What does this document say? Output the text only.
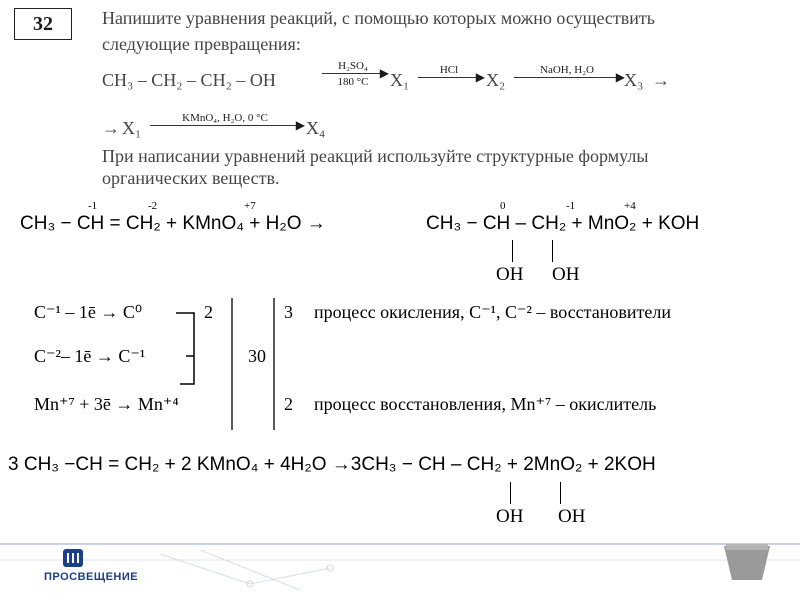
32	Напишите уравнения реакций, с помощью которых можно осуществить
следующие превращения:
CH₃ – CH₂ – CH₂ – OH
H₂SO₄ ▶
180 °C	X₁	HCl	▶ X₂	NaOH, H₂O	▶ X₃ →
→ X₁	KMnO₄, H₂O, 0 °C	▶ X₄
При написании уравнений реакций используйте структурные формулы
органических веществ.
-1	-2	+7	0	-1	+4
CH₃ − CH = CH₂ + KMnO₄ + H₂O →	CH₃ − CH – CH₂ + MnO₂ + KOH
OH OH
C⁻¹ – 1ē → C⁰	2	3 процесс окисления, C⁻¹, C⁻² – восстановители
C⁻²– 1ē → C⁻¹	30
Mn⁺⁷ + 3ē → Mn⁺⁴	2 процесс восстановления, Mn⁺⁷ – окислитель
3 CH₃ −CH = CH₂ + 2 KMnO₄ + 4H₂O →3CH₃ − CH – CH₂ + 2MnO₂ + 2KOH
OH OH
ПРОСВЕЩЕНИЕ
